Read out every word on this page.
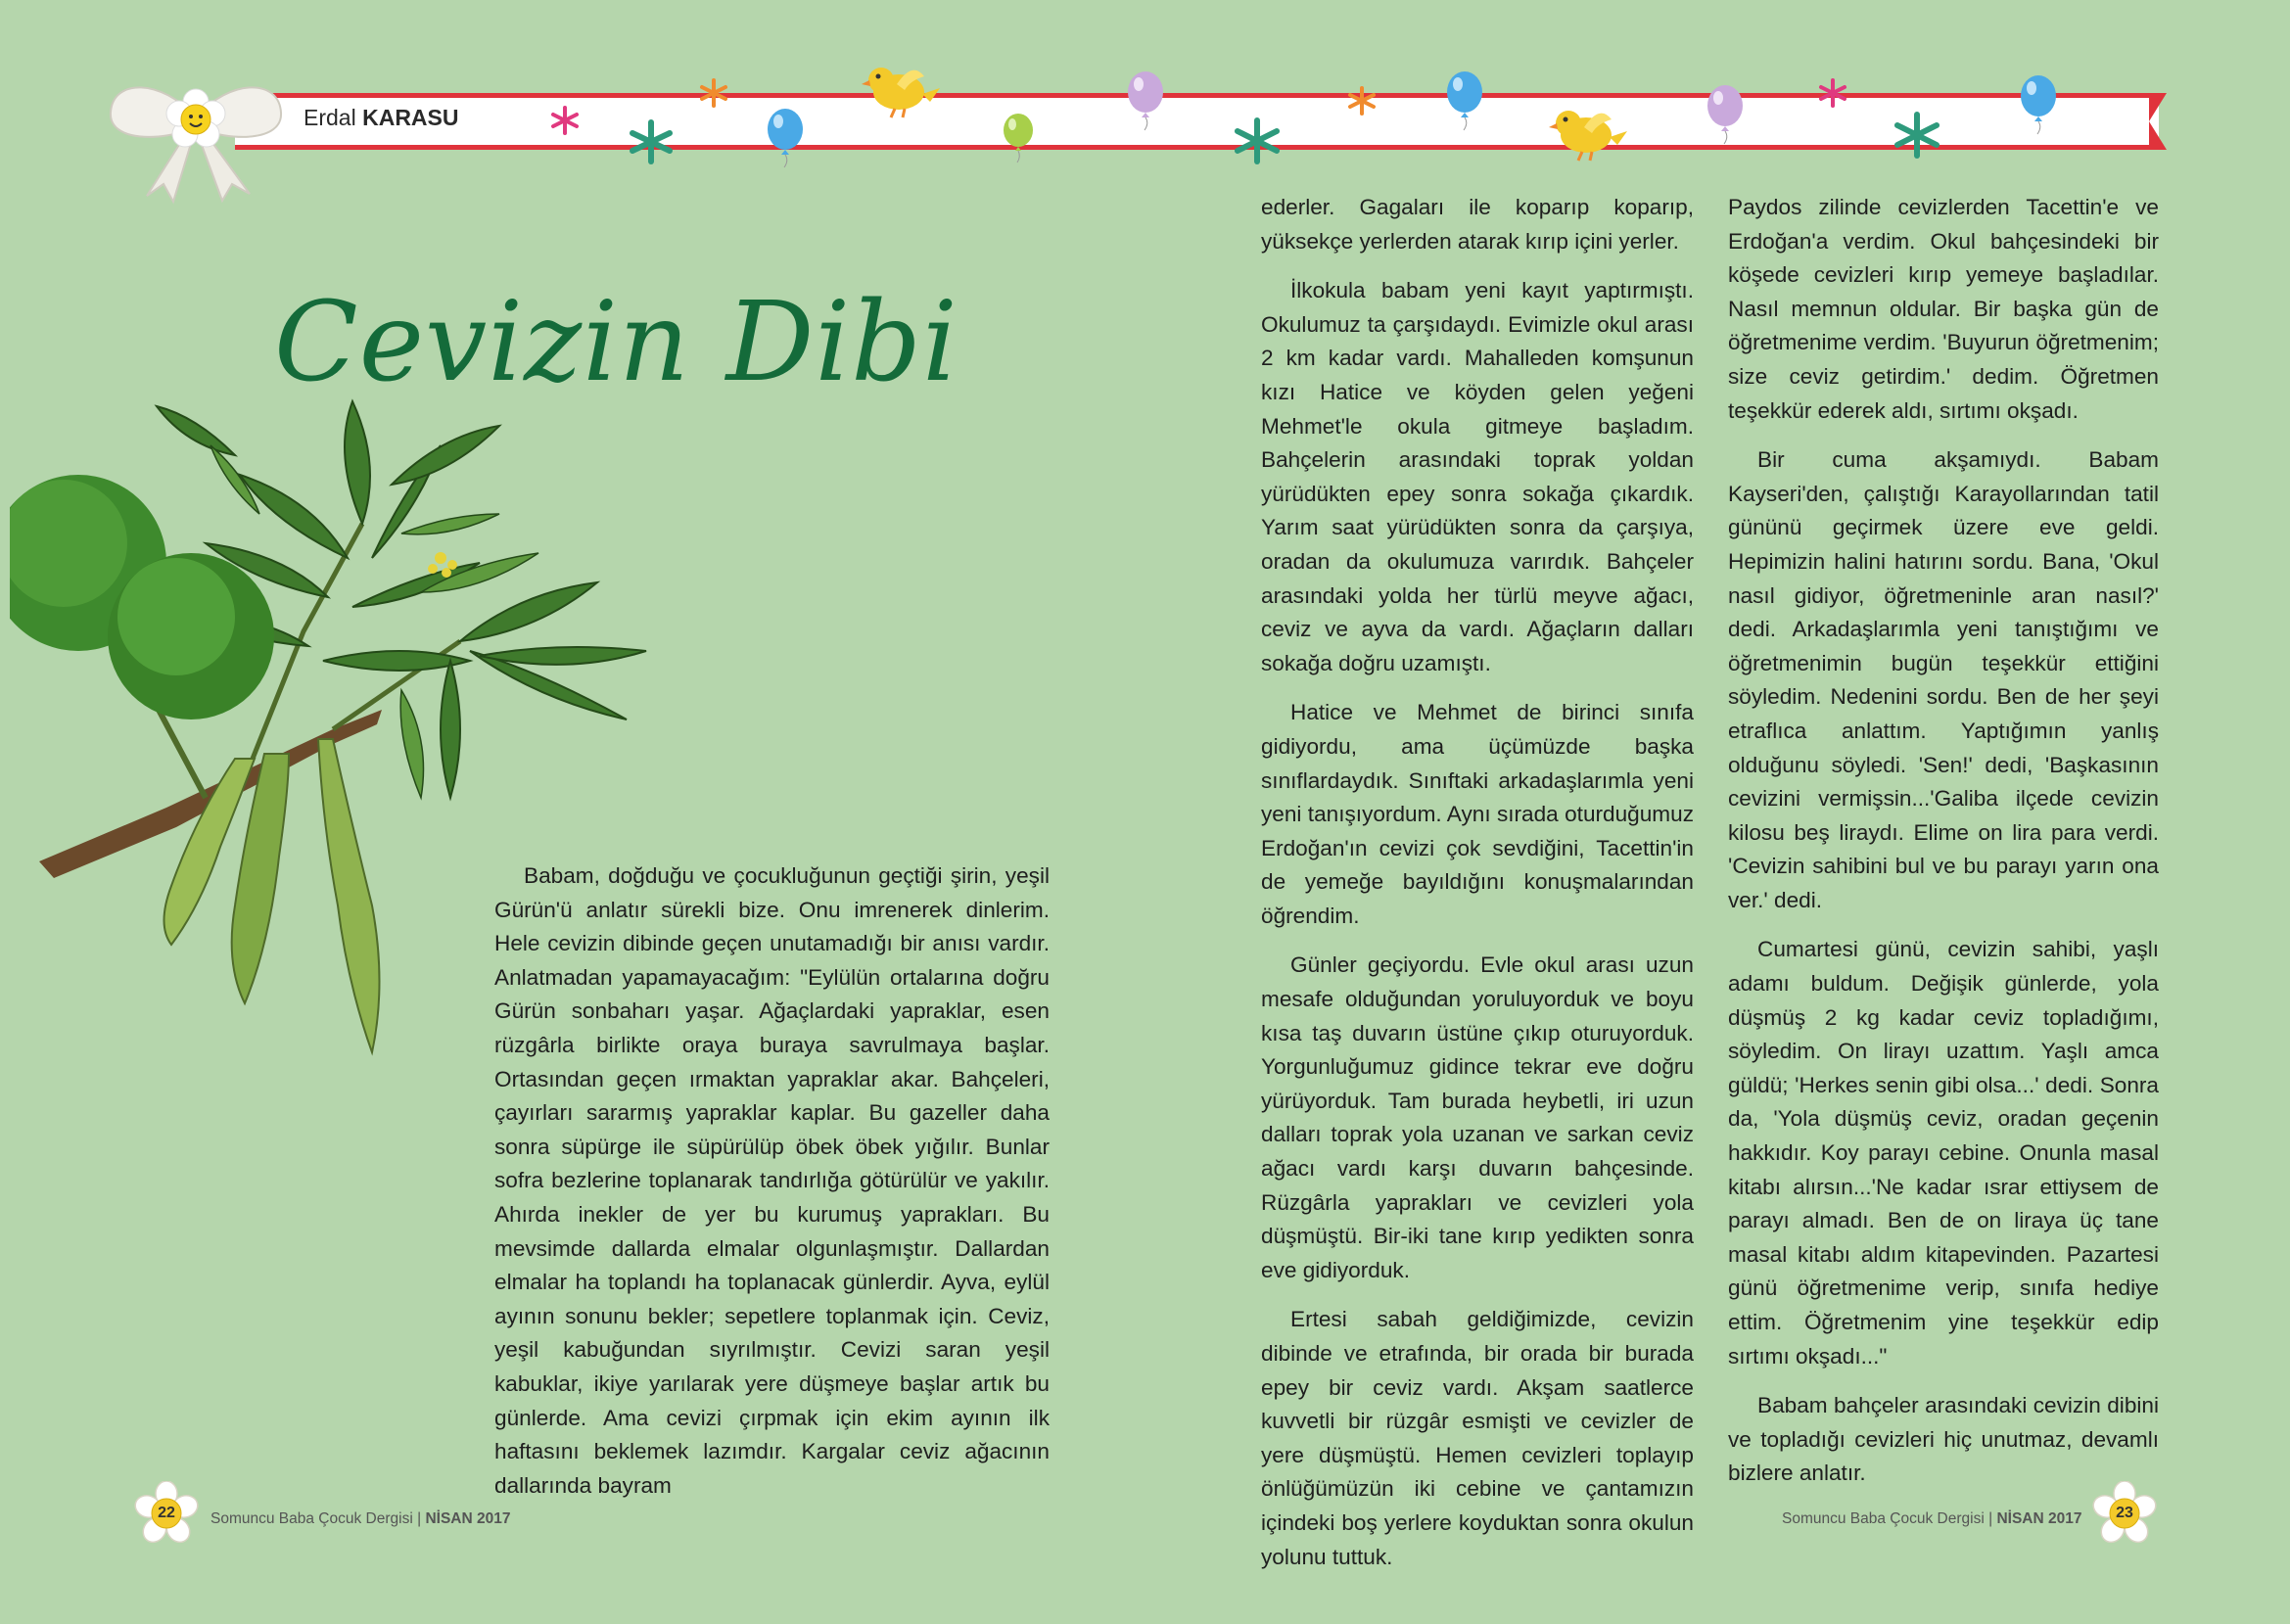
Erdal KARASU
Cevizin Dibi

Babam, doğduğu ve çocukluğunun geçtiği şirin, yeşil Gürün'ü anlatır sürekli bize. Onu imrenerek dinlerim. Hele cevizin dibinde geçen unutamadığı bir anısı vardır. Anlatmadan yapamayacağım: "Eylülün ortalarına doğru Gürün sonbaharı yaşar. Ağaçlardaki yapraklar, esen rüzgârla birlikte oraya buraya savrulmaya başlar. Ortasından geçen ırmaktan yapraklar akar. Bahçeleri, çayırları sararmış yapraklar kaplar. Bu gazeller daha sonra süpürge ile süpürülüp öbek öbek yığılır. Bunlar sofra bezlerine toplanarak tandırlığa götürülür ve yakılır. Ahırda inekler de yer bu kurumuş yaprakları. Bu mevsimde dallarda elmalar olgunlaşmıştır. Dallardan elmalar ha toplandı ha toplanacak günlerdir. Ayva, eylül ayının sonunu bekler; sepetlere toplanmak için. Ceviz, yeşil kabuğundan sıyrılmıştır. Cevizi saran yeşil kabuklar, ikiye yarılarak yere düşmeye başlar artık bu günlerde. Ama cevizi çırpmak için ekim ayının ilk haftasını beklemek lazımdır. Kargalar ceviz ağacının dallarında bayram

ederler. Gagaları ile koparıp koparıp, yüksekçe yerlerden atarak kırıp içini yerler.

İlkokula babam yeni kayıt yaptırmıştı. Okulumuz ta çarşıdaydı. Evimizle okul arası 2 km kadar vardı. Mahalleden komşunun kızı Hatice ve köyden gelen yeğeni Mehmet'le okula gitmeye başladım. Bahçelerin arasındaki toprak yoldan yürüdükten epey sonra sokağa çıkardık. Yarım saat yürüdükten sonra da çarşıya, oradan da okulumuza varırdık. Bahçeler arasındaki yolda her türlü meyve ağacı, ceviz ve ayva da vardı. Ağaçların dalları sokağa doğru uzamıştı.

Hatice ve Mehmet de birinci sınıfa gidiyordu, ama üçümüzde başka sınıflardaydık. Sınıftaki arkadaşlarımla yeni yeni tanışıyordum. Aynı sırada oturduğumuz Erdoğan'ın cevizi çok sevdiğini, Tacettin'in de yemeğe bayıldığını konuşmalarından öğrendim.

Günler geçiyordu. Evle okul arası uzun mesafe olduğundan yoruluyorduk ve boyu kısa taş duvarın üstüne çıkıp oturuyorduk. Yorgunluğumuz gidince tekrar eve doğru yürüyorduk. Tam burada heybetli, iri uzun dalları toprak yola uzanan ve sarkan ceviz ağacı vardı karşı duvarın bahçesinde. Rüzgârla yaprakları ve cevizleri yola düşmüştü. Bir-iki tane kırıp yedikten sonra eve gidiyorduk.

Ertesi sabah geldiğimizde, cevizin dibinde ve etrafında, bir orada bir burada epey bir ceviz vardı. Akşam saatlerce kuvvetli bir rüzgâr esmişti ve cevizler de yere düşmüştü. Hemen cevizleri toplayıp önlüğümüzün iki cebine ve çantamızın içindeki boş yerlere koyduktan sonra okulun yolunu tuttuk.

Paydos zilinde cevizlerden Tacettin'e ve Erdoğan'a verdim. Okul bahçesindeki bir köşede cevizleri kırıp yemeye başladılar. Nasıl memnun oldular. Bir başka gün de öğretmenime verdim. 'Buyurun öğretmenim; size ceviz getirdim.' dedim. Öğretmen teşekkür ederek aldı, sırtımı okşadı.

Bir cuma akşamıydı. Babam Kayseri'den, çalıştığı Karayollarından tatil gününü geçirmek üzere eve geldi. Hepimizin halini hatırını sordu. Bana, 'Okul nasıl gidiyor, öğretmeninle aran nasıl?' dedi. Arkadaşlarımla yeni tanıştığımı ve öğretmenimin bugün teşekkür ettiğini söyledim. Nedenini sordu. Ben de her şeyi etraflıca anlattım. Yaptığımın yanlış olduğunu söyledi. 'Sen!' dedi, 'Başkasının cevizini vermişsin...'Galiba ilçede cevizin kilosu beş liraydı. Elime on lira para verdi. 'Cevizin sahibini bul ve bu parayı yarın ona ver.' dedi.

Cumartesi günü, cevizin sahibi, yaşlı adamı buldum. Değişik günlerde, yola düşmüş 2 kg kadar ceviz topladığımı, söyledim. On lirayı uzattım. Yaşlı amca güldü; 'Herkes senin gibi olsa...' dedi. Sonra da, 'Yola düşmüş ceviz, oradan geçenin hakkıdır. Koy parayı cebine. Onunla masal kitabı alırsın...'Ne kadar ısrar ettiysem de parayı almadı. Ben de on liraya üç tane masal kitabı aldım kitapevinden. Pazartesi günü öğretmenime verip, sınıfa hediye ettim. Öğretmenim yine teşekkür edip sırtımı okşadı..."

Babam bahçeler arasındaki cevizin dibini ve topladığı cevizleri hiç unutmaz, devamlı bizlere anlatır.

22	Somuncu Baba Çocuk Dergisi | NİSAN 2017	Somuncu Baba Çocuk Dergisi | NİSAN 2017	23
